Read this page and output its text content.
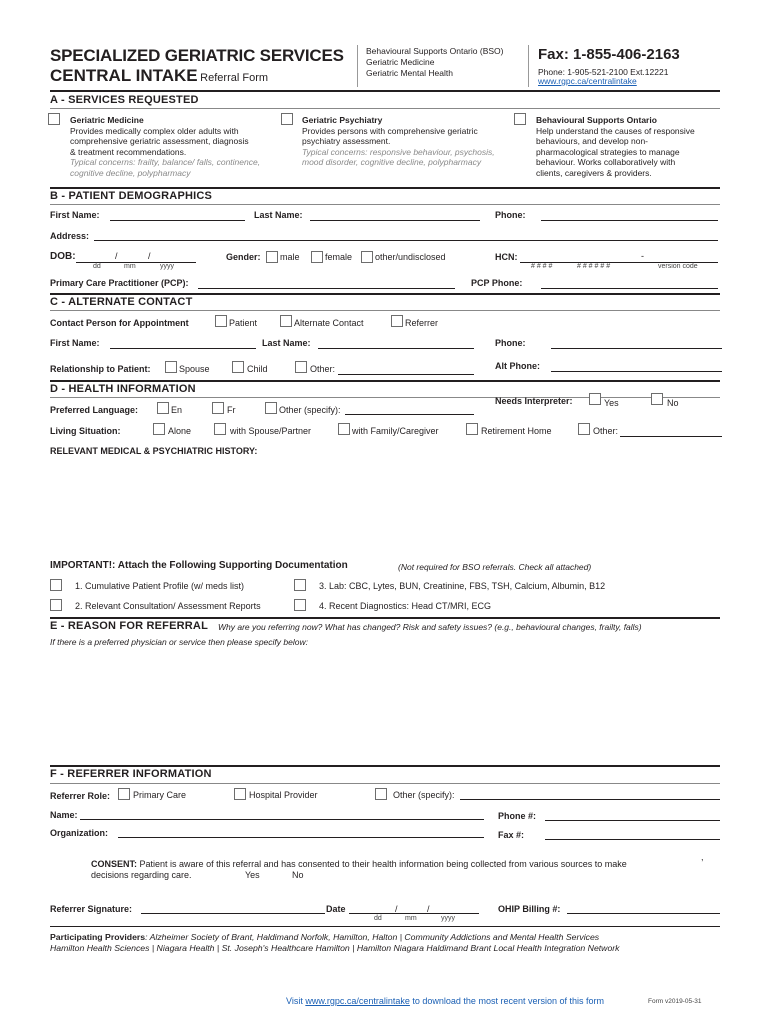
SPECIALIZED GERIATRIC SERVICES
CENTRAL INTAKE Referral Form
Behavioural Supports Ontario (BSO)
Geriatric Medicine
Geriatric Mental Health
Fax: 1-855-406-2163
Phone: 1-905-521-2100 Ext.12221
www.rgpc.ca/centralintake
A - SERVICES REQUESTED
Geriatric Medicine
Provides medically complex older adults with
comprehensive geriatric assessment, diagnosis
& treatment recommendations.
Typical concerns: frailty, balance/ falls, continence,
cognitive decline, polypharmacy
Geriatric Psychiatry
Provides persons with comprehensive geriatric
psychiatry assessment.
Typical concerns: responsive behaviour, psychosis,
mood disorder, cognitive decline, polypharmacy
Behavioural Supports Ontario
Help understand the causes of responsive
behaviours, and develop non-
pharmacological strategies to manage
behaviour. Works collaboratively with
clients, caregivers & providers.
B - PATIENT DEMOGRAPHICS
First Name:	Last Name:	Phone:
Address:
DOB:	/	/
dd	mm	yyyy
Gender: male	female	other/undisclosed	HCN:	-
# # # #	# # # # # #	version code
Primary Care Practitioner (PCP):	PCP Phone:
C - ALTERNATE CONTACT
Contact Person for Appointment	Patient	Alternate Contact	Referrer
First Name:	Last Name:	Phone:
Relationship to Patient:	Spouse	Child	Other:	Alt Phone:
D - HEALTH INFORMATION
Needs Interpreter:	Yes	No
Preferred Language:	En	Fr	Other (specify):
Living Situation:	Alone	with Spouse/Partner	with Family/Caregiver	Retirement Home	Other:
RELEVANT MEDICAL & PSYCHIATRIC HISTORY:
IMPORTANT!: Attach the Following Supporting Documentation	(Not required for BSO referrals. Check all attached)
1. Cumulative Patient Profile (w/ meds list)	3. Lab: CBC, Lytes, BUN, Creatinine, FBS, TSH, Calcium, Albumin, B12
2. Relevant Consultation/ Assessment Reports	4. Recent Diagnostics: Head CT/MRI, ECG
E - REASON FOR REFERRAL Why are you referring now? What has changed? Risk and safety issues? (e.g., behavioural changes, frailty, falls)
If there is a preferred physician or service then please specify below:
F - REFERRER INFORMATION
Referrer Role:	Primary Care	Hospital Provider	Other (specify):
Name:	Phone #:
Organization:	Fax #:
CONSENT: Patient is aware of this referral and has consented to their health information being collected from various sources to make
decisions regarding care.	Yes	No
,
Referrer Signature:	Date	/	/
dd	mm	yyyy
OHIP Billing #:
Participating Providers: Alzheimer Society of Brant, Haldimand Norfolk, Hamilton, Halton | Community Addictions and Mental Health Services
Hamilton Health Sciences | Niagara Health | St. Joseph's Healthcare Hamilton | Hamilton Niagara Haldimand Brant Local Health Integration Network
Visit www.rgpc.ca/centralintake to download the most recent version of this form	Form v2019-05-31
